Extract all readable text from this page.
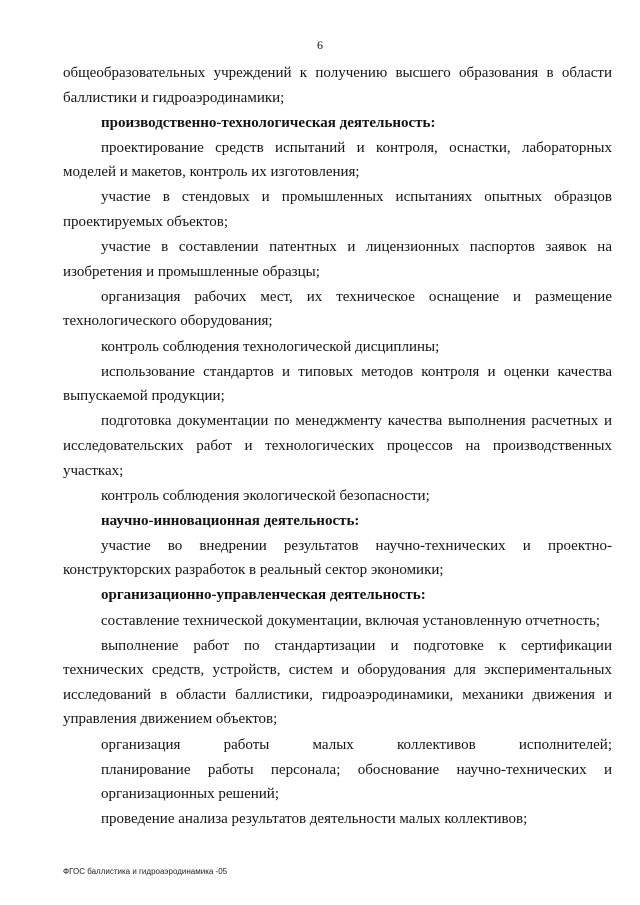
6

общеобразовательных учреждений к получению высшего образования в области баллистики и гидроаэродинамики;

производственно-технологическая деятельность:

проектирование средств испытаний и контроля, оснастки, лабораторных моделей и макетов, контроль их изготовления;

участие в стендовых и промышленных испытаниях опытных образцов проектируемых объектов;

участие в составлении патентных и лицензионных паспортов заявок на изобретения и промышленные образцы;

организация рабочих мест, их техническое оснащение и размещение технологического оборудования;

контроль соблюдения технологической дисциплины;

использование стандартов и типовых методов контроля и оценки качества выпускаемой продукции;

подготовка документации по менеджменту качества выполнения расчетных и исследовательских работ и технологических процессов на производственных участках;

контроль соблюдения экологической безопасности;

научно-инновационная деятельность:

участие во внедрении результатов научно-технических и проектно-конструкторских разработок в реальный сектор экономики;

организационно-управленческая деятельность:

составление технической документации, включая установленную отчетность;

выполнение работ по стандартизации и подготовке к сертификации технических средств, устройств, систем и оборудования для экспериментальных исследований в области баллистики, гидроаэродинамики, механики движения и управления движением объектов;

организация работы малых коллективов исполнителей;

планирование работы персонала; обоснование научно-технических и организационных решений;

проведение анализа результатов деятельности малых коллективов;

ФГОС баллистика и гидроаэродинамика -05
